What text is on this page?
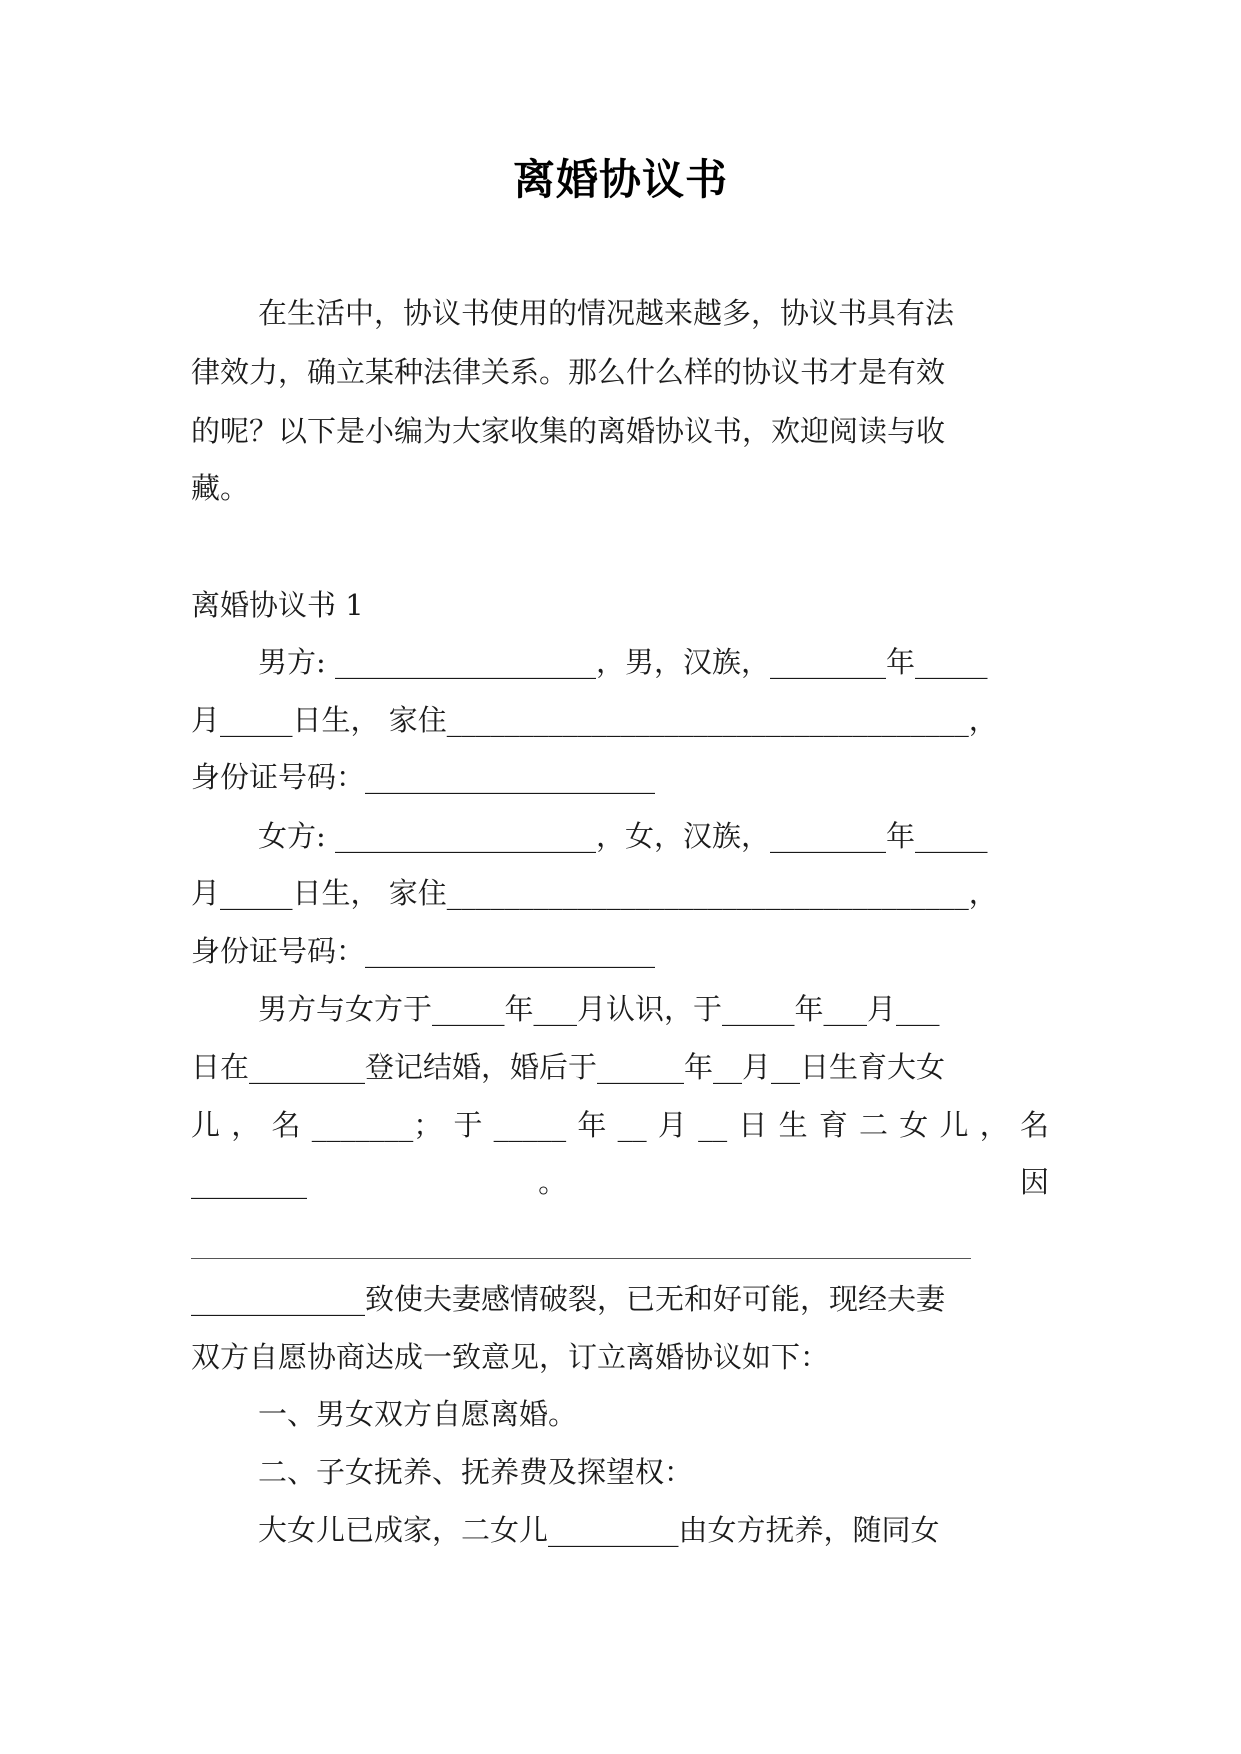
离婚协议书

在生活中，协议书使用的情况越来越多，协议书具有法

律效力，确立某种法律关系。那么什么样的协议书才是有效

的呢？以下是小编为大家收集的离婚协议书，欢迎阅读与收

藏。

离婚协议书 1

男方: __________________，男，汉族，________年_____

月_____日生， 家住____________________________________，

身份证号码：____________________

女方: __________________，女，汉族，________年_____

月_____日生， 家住____________________________________，

身份证号码：____________________

男方与女方于_____年___月认识，于_____年___月___

日在________登记结婚，婚后于______年__月__日生育大女

儿，名_______；于_____年__月__日生育二女儿，名

________ 。 因

____________致使夫妻感情破裂，已无和好可能，现经夫妻

双方自愿协商达成一致意见，订立离婚协议如下：

一、男女双方自愿离婚。

二、子女抚养、抚养费及探望权：

大女儿已成家，二女儿_________由女方抚养，随同女
